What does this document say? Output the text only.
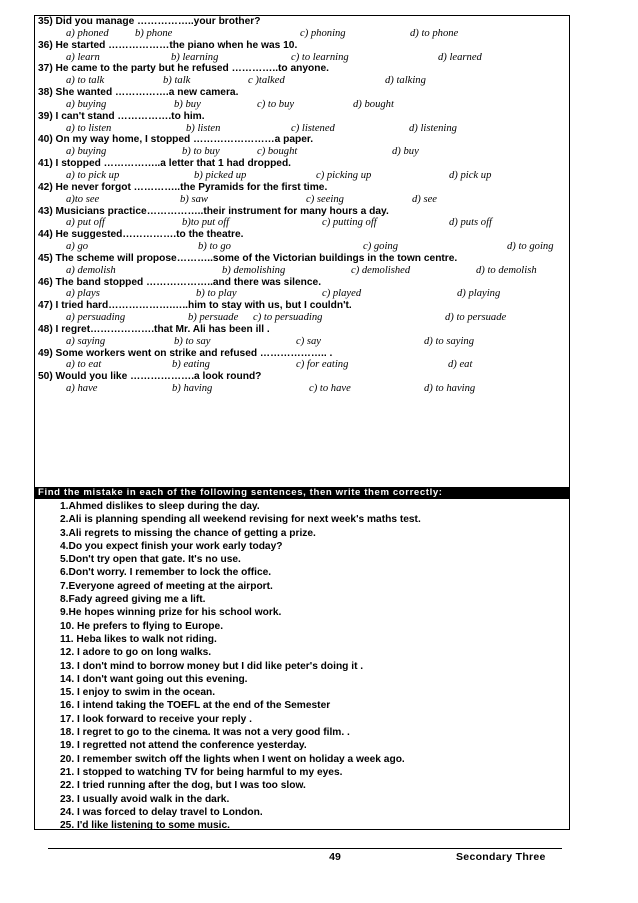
35) Did you manage ……………..your brother?
a) phoned b) phone	c) phoning	d) to phone
36) He started ………………the piano when he was 10.
a) learn	b) learning	c) to learning	d) learned
37) He came to the party but he refused …………..to anyone.
a) to talk	b) talk	c )talked	d) talking
38) She wanted …………….a new camera.
a) buying	b) buy	c) to buy	d) bought
39) I can't stand …………….to him.
a) to listen	b) listen	c) listened	d) listening
40) On my way home, I stopped ……………………a paper.
a) buying	b) to buy	c) bought	d) buy
41) I stopped ……………..a letter that 1 had dropped.
a) to pick up	b) picked up	c) picking up	d) pick up
42) He never forgot …………..the Pyramids for the first time.
a)to see	b) saw	c) seeing	d) see
43) Musicians practice……………..their instrument for many hours a day.
a) put off	b)to put off	c) putting off	d) puts off
44) He suggested…………….to the theatre.
a) go	b) to go	c) going	d) to going
45) The scheme will propose………..some of the Victorian buildings in the town centre.
a) demolish	b) demolishing	c) demolished	d) to demolish
46) The band stopped ………………..and there was silence.
a) plays	b) to play	c) played	d) playing
47) I tried hard……………….…..him to stay with us, but I couldn't.
a) persuading	b) persuade c) to persuading	d) to persuade
48) I regret……………….that Mr. Ali has been ill .
a) saying	b) to say	c) say	d) to saying
49) Some workers went on strike and refused ……………….. .
a) to eat	b) eating	c) for eating	d) eat
50) Would you like ……………….a look round?
a) have	b) having	c) to have	d) to having
Find the mistake in each of the following sentences, then write them correctly:
1.Ahmed dislikes to sleep during the day.
2.Ali is planning spending all weekend revising for next week's maths test.
3.Ali regrets to missing the chance of getting a prize.
4.Do you expect finish your work early today?
5.Don't try open that gate. It's no use.
6.Don't worry. I remember to lock the office.
7.Everyone agreed of meeting at the airport.
8.Fady agreed giving me a lift.
9.He hopes winning prize for his school work.
10. He prefers to flying to Europe.
11. Heba likes to walk not riding.
12. I adore to go on long walks.
13. I don't mind to borrow money but I did like peter's doing it .
14. I don't want going out this evening.
15. I enjoy to swim in the ocean.
16. I intend taking the TOEFL at the end of the Semester
17. I look forward to receive your reply .
18. I regret to go to the cinema. It was not a very good film. .
19. I regretted not attend the conference yesterday.
20. I remember switch off the lights when I went on holiday a week ago.
21. I stopped to watching TV for being harmful to my eyes.
22. I tried running after the dog, but I was too slow.
23. I usually avoid walk in the dark.
24. I was forced to delay travel to London.
25. I'd like listening to some music.
49	Secondary Three
